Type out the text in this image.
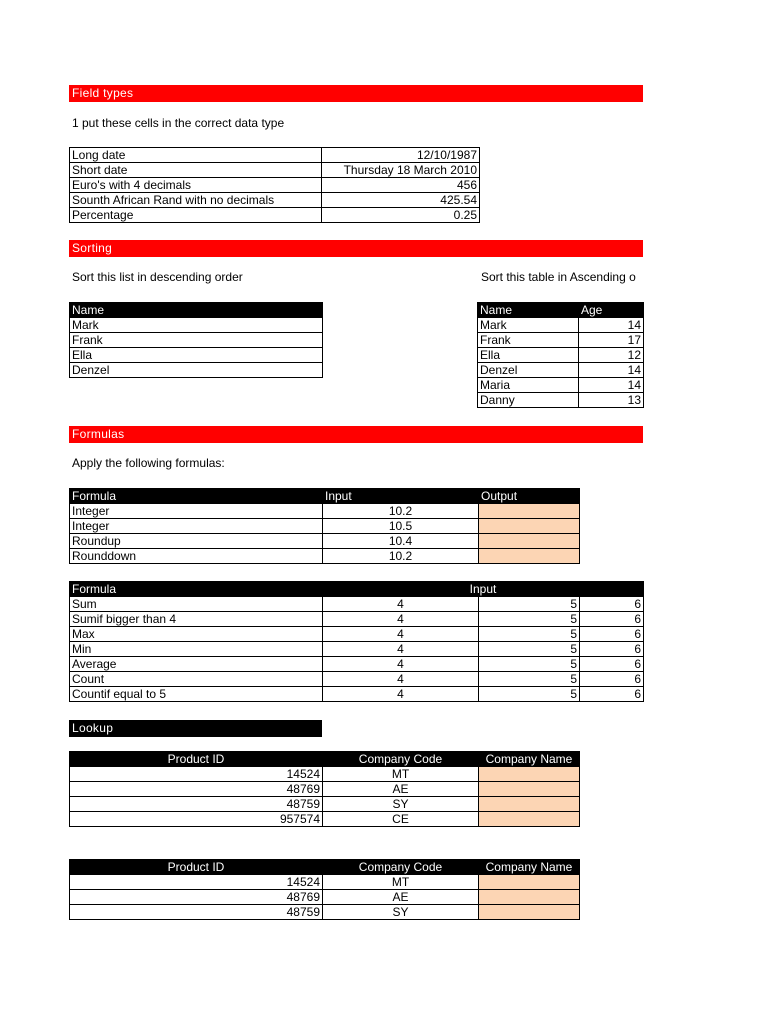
Field types
1 put these cells in the correct data type
Long date	12/10/1987
Short date	Thursday 18 March 2010
Euro's with 4 decimals	456
Sounth African Rand with no decimals	425.54
Percentage	0.25
Sorting
Sort this list in descending order	Sort this table in Ascending o
Name
Mark
Frank
Ella
Denzel
Name	Age
Mark	14
Frank	17
Ella	12
Denzel	14
Maria	14
Danny	13
Formulas
Apply the following formulas:
Formula	Input	Output
Integer	10.2	
Integer	10.5	
Roundup	10.4	
Rounddown	10.2	
Formula	Input		
Sum	4	5	6
Sumif bigger than 4	4	5	6
Max	4	5	6
Min	4	5	6
Average	4	5	6
Count	4	5	6
Countif equal to 5	4	5	6
Lookup
Product ID	Company Code	Company Name
14524	MT	
48769	AE	
48759	SY	
957574	CE	
Product ID	Company Code	Company Name
14524	MT	
48769	AE	
48759	SY	
